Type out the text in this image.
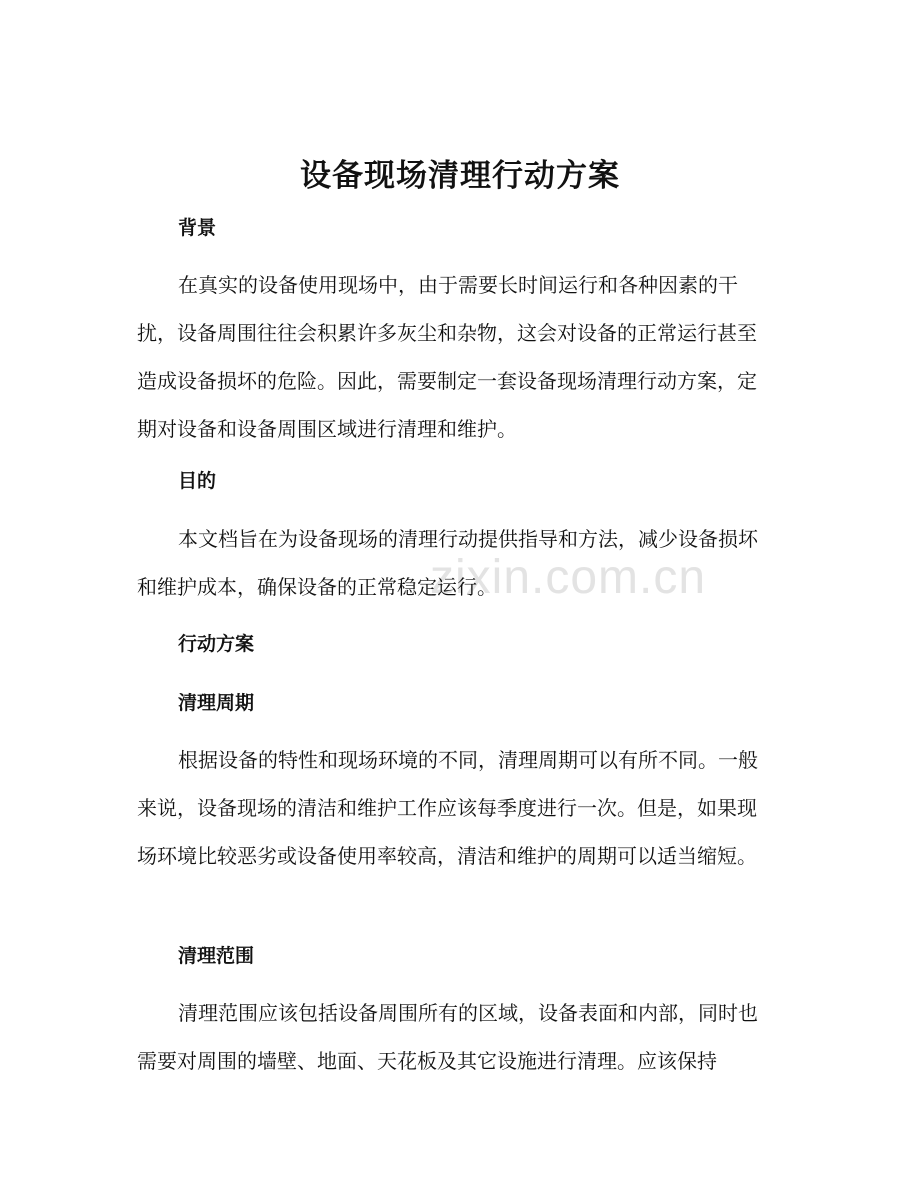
zixin.com.cn
设备现场清理行动方案
背景

在真实的设备使用现场中，由于需要长时间运行和各种因素的干扰，设备周围往往会积累许多灰尘和杂物，这会对设备的正常运行甚至造成设备损坏的危险。因此，需要制定一套设备现场清理行动方案，定期对设备和设备周围区域进行清理和维护。

目的

本文档旨在为设备现场的清理行动提供指导和方法，减少设备损坏和维护成本，确保设备的正常稳定运行。

行动方案
清理周期

根据设备的特性和现场环境的不同，清理周期可以有所不同。一般来说，设备现场的清洁和维护工作应该每季度进行一次。但是，如果现场环境比较恶劣或设备使用率较高，清洁和维护的周期可以适当缩短。

清理范围

清理范围应该包括设备周围所有的区域，设备表面和内部，同时也需要对周围的墙壁、地面、天花板及其它设施进行清理。应该保持
